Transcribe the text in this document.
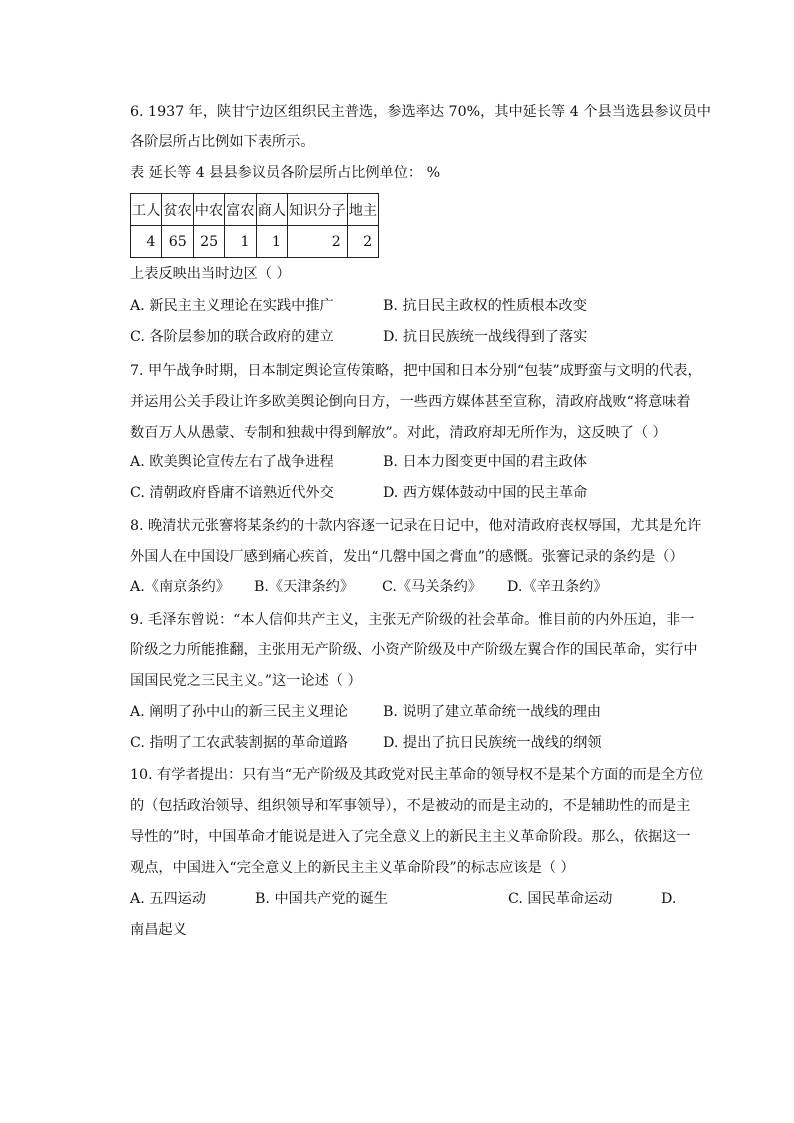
6. 1937 年，陕甘宁边区组织民主普选，参选率达 70%，其中延长等 4 个县当选县参议员中
各阶层所占比例如下表所示。
表 延长等 4 县县参议员各阶层所占比例单位： %
工人	贫农	中农	富农	商人	知识分子	地主
4	65	25	1	1	2	2
上表反映出当时边区（ ）
A. 新民主主义理论在实践中推广	B. 抗日民主政权的性质根本改变
C. 各阶层参加的联合政府的建立	D. 抗日民族统一战线得到了落实
7. 甲午战争时期，日本制定舆论宣传策略，把中国和日本分别“包装”成野蛮与文明的代表，
并运用公关手段让许多欧美舆论倒向日方，一些西方媒体甚至宣称，清政府战败“将意味着
数百万人从愚蒙、专制和独裁中得到解放”。对此，清政府却无所作为，这反映了（ ）
A. 欧美舆论宣传左右了战争进程	B. 日本力图变更中国的君主政体
C. 清朝政府昏庸不谙熟近代外交	D. 西方媒体鼓动中国的民主革命
8. 晚清状元张謇将某条约的十款内容逐一记录在日记中，他对清政府丧权辱国，尤其是允许
外国人在中国设厂感到痛心疾首，发出“几罄中国之膏血”的感慨。张謇记录的条约是（）
A.《南京条约》 B.《天津条约》 C.《马关条约》 D.《辛丑条约》
9. 毛泽东曾说：“本人信仰共产主义，主张无产阶级的社会革命。惟目前的内外压迫，非一
阶级之力所能推翻，主张用无产阶级、小资产阶级及中产阶级左翼合作的国民革命，实行中
国国民党之三民主义。”这一论述（ ）
A. 阐明了孙中山的新三民主义理论 B. 说明了建立革命统一战线的理由
C. 指明了工农武装割据的革命道路 D. 提出了抗日民族统一战线的纲领
10. 有学者提出：只有当“无产阶级及其政党对民主革命的领导权不是某个方面的而是全方位
的（包括政治领导、组织领导和军事领导），不是被动的而是主动的，不是辅助性的而是主
导性的”时，中国革命才能说是进入了完全意义上的新民主主义革命阶段。那么，依据这一
观点，中国进入“完全意义上的新民主主义革命阶段”的标志应该是（ ）
A. 五四运动	B. 中国共产党的诞生	C. 国民革命运动	D.
南昌起义
